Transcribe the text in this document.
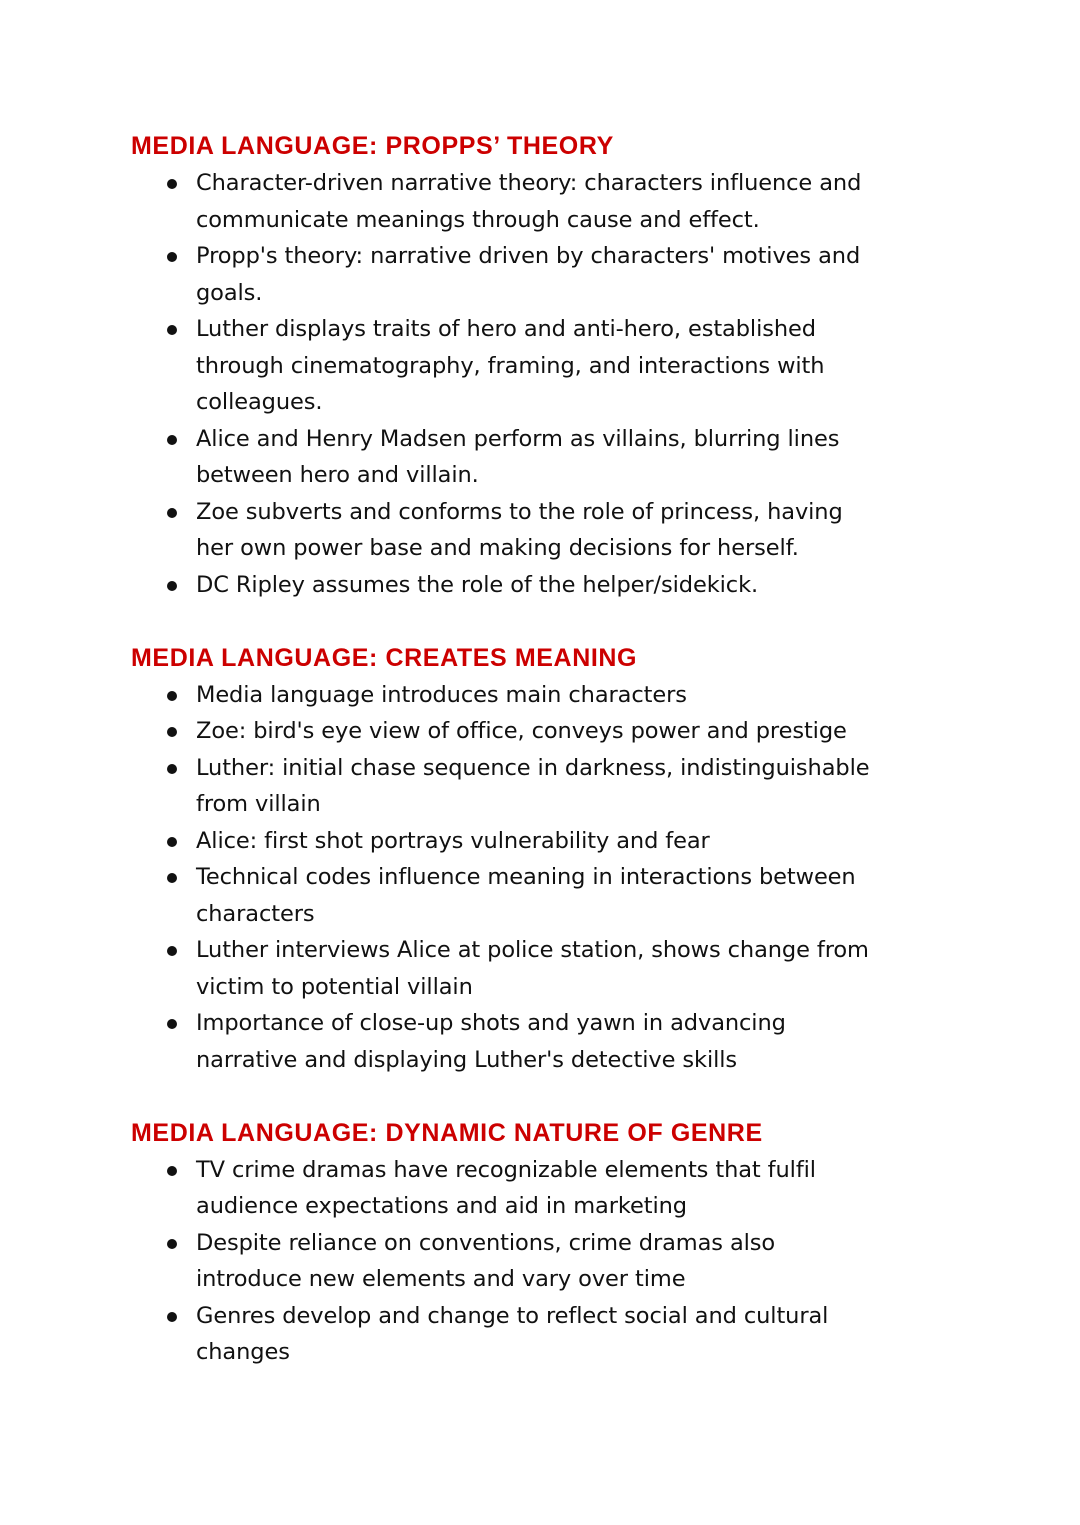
MEDIA LANGUAGE: PROPPS’ THEORY
Character-driven narrative theory: characters influence and
communicate meanings through cause and effect.
Propp's theory: narrative driven by characters' motives and
goals.
Luther displays traits of hero and anti-hero, established
through cinematography, framing, and interactions with
colleagues.
Alice and Henry Madsen perform as villains, blurring lines
between hero and villain.
Zoe subverts and conforms to the role of princess, having
her own power base and making decisions for herself.
DC Ripley assumes the role of the helper/sidekick.
MEDIA LANGUAGE: CREATES MEANING
Media language introduces main characters
Zoe: bird's eye view of office, conveys power and prestige
Luther: initial chase sequence in darkness, indistinguishable
from villain
Alice: first shot portrays vulnerability and fear
Technical codes influence meaning in interactions between
characters
Luther interviews Alice at police station, shows change from
victim to potential villain
Importance of close-up shots and yawn in advancing
narrative and displaying Luther's detective skills
MEDIA LANGUAGE: DYNAMIC NATURE OF GENRE
TV crime dramas have recognizable elements that fulfil
audience expectations and aid in marketing
Despite reliance on conventions, crime dramas also
introduce new elements and vary over time
Genres develop and change to reflect social and cultural
changes
